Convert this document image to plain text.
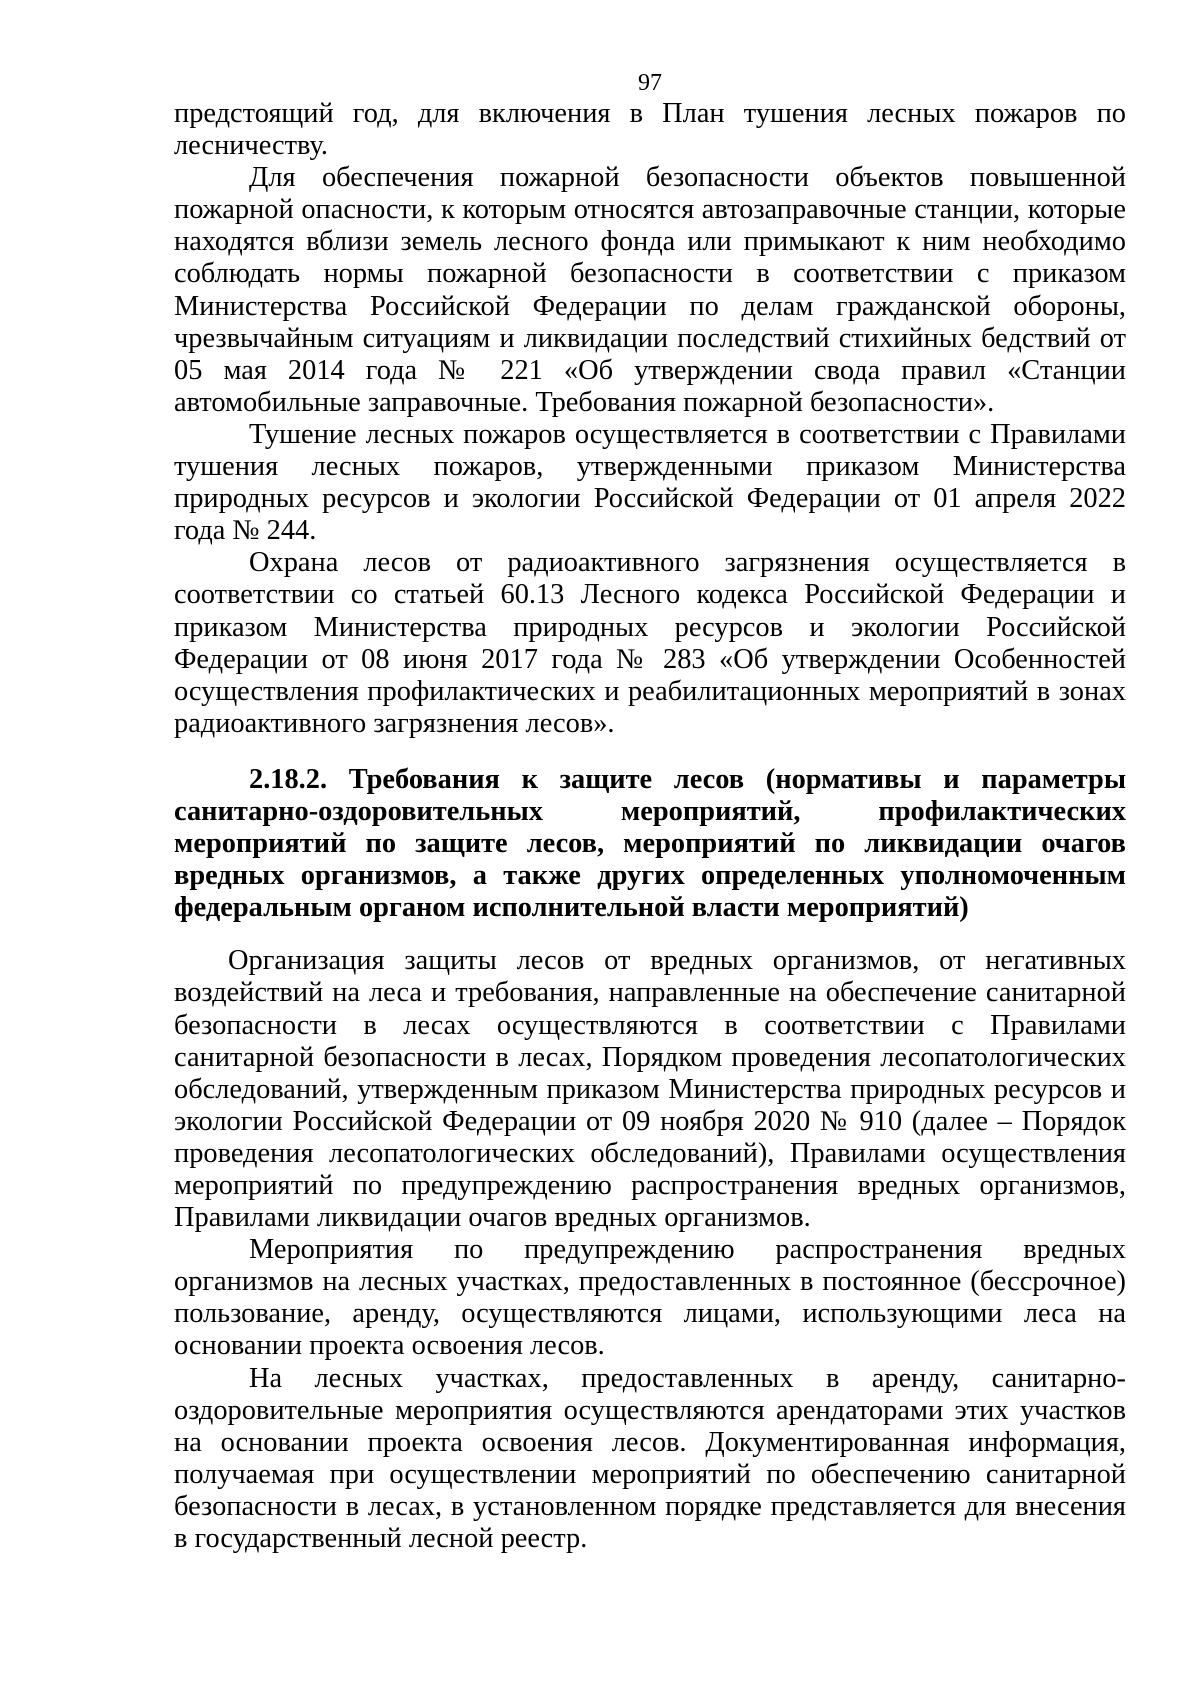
97

предстоящий год, для включения в План тушения лесных пожаров по лесничеству.

Для обеспечения пожарной безопасности объектов повышенной пожарной опасности, к которым относятся автозаправочные станции, которые находятся вблизи земель лесного фонда или примыкают к ним необходимо соблюдать нормы пожарной безопасности в соответствии с приказом Министерства Российской Федерации по делам гражданской обороны, чрезвычайным ситуациям и ликвидации последствий стихийных бедствий от 05 мая 2014 года № 221 «Об утверждении свода правил «Станции автомобильные заправочные. Требования пожарной безопасности».

Тушение лесных пожаров осуществляется в соответствии с Правилами тушения лесных пожаров, утвержденными приказом Министерства природных ресурсов и экологии Российской Федерации от 01 апреля 2022 года № 244.

Охрана лесов от радиоактивного загрязнения осуществляется в соответствии со статьей 60.13 Лесного кодекса Российской Федерации и приказом Министерства природных ресурсов и экологии Российской Федерации от 08 июня 2017 года № 283 «Об утверждении Особенностей осуществления профилактических и реабилитационных мероприятий в зонах радиоактивного загрязнения лесов».

2.18.2. Требования к защите лесов (нормативы и параметры санитарно-оздоровительных мероприятий, профилактических мероприятий по защите лесов, мероприятий по ликвидации очагов вредных организмов, а также других определенных уполномоченным федеральным органом исполнительной власти мероприятий)

Организация защиты лесов от вредных организмов, от негативных воздействий на леса и требования, направленные на обеспечение санитарной безопасности в лесах осуществляются в соответствии с Правилами санитарной безопасности в лесах, Порядком проведения лесопатологических обследований, утвержденным приказом Министерства природных ресурсов и экологии Российской Федерации от 09 ноября 2020 № 910 (далее – Порядок проведения лесопатологических обследований), Правилами осуществления мероприятий по предупреждению распространения вредных организмов, Правилами ликвидации очагов вредных организмов.

Мероприятия по предупреждению распространения вредных организмов на лесных участках, предоставленных в постоянное (бессрочное) пользование, аренду, осуществляются лицами, использующими леса на основании проекта освоения лесов.

На лесных участках, предоставленных в аренду, санитарно-оздоровительные мероприятия осуществляются арендаторами этих участков на основании проекта освоения лесов. Документированная информация, получаемая при осуществлении мероприятий по обеспечению санитарной безопасности в лесах, в установленном порядке представляется для внесения в государственный лесной реестр.
